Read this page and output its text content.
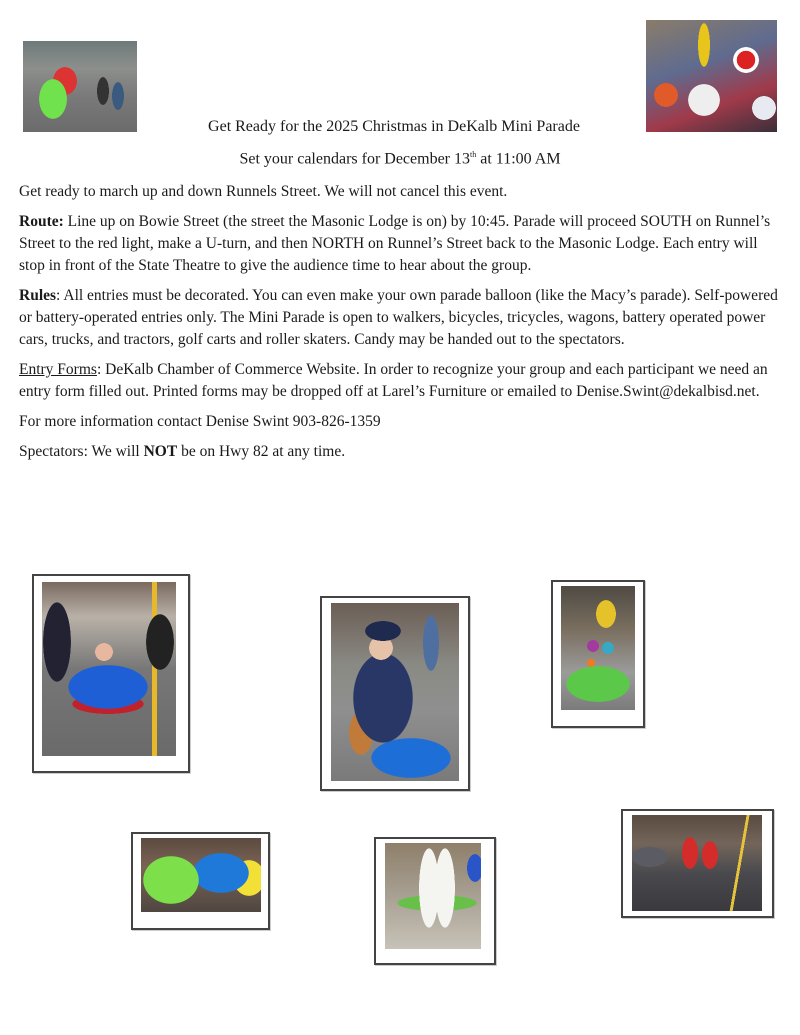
Get Ready for the 2025 Christmas in DeKalb Mini Parade
Set your calendars for December 13th at 11:00 AM

Get ready to march up and down Runnels Street. We will not cancel this event.

Route: Line up on Bowie Street (the street the Masonic Lodge is on) by 10:45. Parade will proceed SOUTH on Runnel’s Street to the red light, make a U-turn, and then NORTH on Runnel’s Street back to the Masonic Lodge. Each entry will stop in front of the State Theatre to give the audience time to hear about the group.

Rules: All entries must be decorated. You can even make your own parade balloon (like the Macy’s parade). Self-powered or battery-operated entries only. The Mini Parade is open to walkers, bicycles, tricycles, wagons, battery operated power cars, trucks, and tractors, golf carts and roller skaters. Candy may be handed out to the spectators.

Entry Forms: DeKalb Chamber of Commerce Website. In order to recognize your group and each participant we need an entry form filled out. Printed forms may be dropped off at Larel’s Furniture or emailed to Denise.Swint@dekalbisd.net.

For more information contact Denise Swint 903-826-1359

Spectators: We will NOT be on Hwy 82 at any time.
